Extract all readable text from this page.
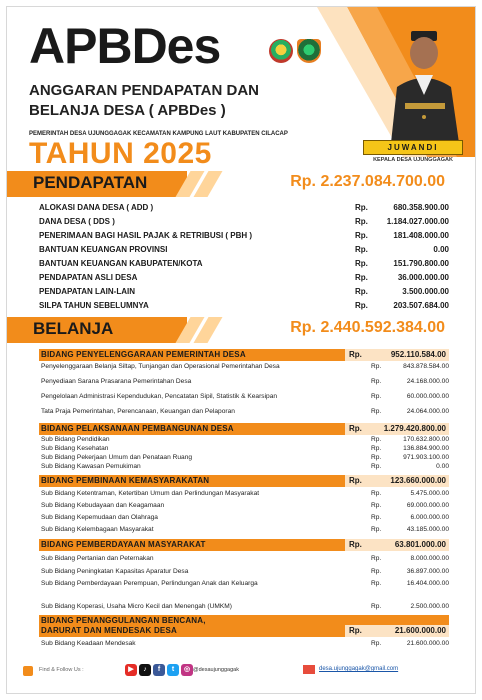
APBDes
ANGGARAN PENDAPATAN DAN
BELANJA DESA ( APBDes )
PEMERINTAH DESA UJUNGGAGAK KECAMATAN KAMPUNG LAUT KABUPATEN CILACAP
TAHUN 2025	JUWANDI
KEPALA DESA UJUNGGAGAK
PENDAPATAN	Rp. 2.237.084.700.00
ALOKASI DANA DESA ( ADD )	Rp.	680.358.900.00
DANA DESA ( DDS )	Rp. 1.184.027.000.00
PENERIMAAN BAGI HASIL PAJAK & RETRIBUSI ( PBH )	Rp.	181.408.000.00
BANTUAN KEUANGAN PROVINSI	Rp.	0.00
BANTUAN KEUANGAN KABUPATEN/KOTA	Rp.	151.790.800.00
PENDAPATAN ASLI DESA	Rp.	36.000.000.00
PENDAPATAN LAIN-LAIN	Rp.	3.500.000.00
SILPA TAHUN SEBELUMNYA	Rp.	203.507.684.00
BELANJA	Rp. 2.440.592.384.00
BIDANG PENYELENGGARAAN PEMERINTAH DESA	Rp.	952.110.584.00
Penyelenggaraan Belanja Siltap, Tunjangan dan Operasional Pemerintahan Desa	Rp.	843.878.584.00
Penyediaan Sarana Prasarana Pemerintahan Desa	Rp.	24.168.000.00
Pengelolaan Administrasi Kependudukan, Pencatatan Sipil, Statistik & Kearsipan	Rp.	60.000.000.00
Tata Praja Pemerintahan, Perencanaan, Keuangan dan Pelaporan	Rp.	24.064.000.00
BIDANG PELAKSANAAN PEMBANGUNAN DESA	Rp.	1.279.420.800.00
Sub Bidang Pendidikan	Rp.	170.632.800.00
Sub Bidang Kesehatan	Rp.	136.884.900.00
Sub Bidang Pekerjaan Umum dan Penataan Ruang	Rp.	971.903.100.00
Sub Bidang Kawasan Pemukiman	Rp.	0.00
BIDANG PEMBINAAN KEMASYARAKATAN	Rp.	123.660.000.00
Sub Bidang Ketentraman, Ketertiban Umum dan Perlindungan Masyarakat	Rp.	5.475.000.00
Sub Bidang Kebudayaan dan Keagamaan	Rp.	69.000.000.00
Sub Bidang Kepemudaan dan Olahraga	Rp.	6.000.000.00
Sub Bidang Kelembagaan Masyarakat	Rp.	43.185.000.00
BIDANG PEMBERDAYAAN MASYARAKAT	Rp.	63.801.000.00
Sub Bidang Pertanian dan Peternakan	Rp.	8.000.000.00
Sub Bidang Peningkatan Kapasitas Aparatur Desa	Rp.	36.897.000.00
Sub Bidang Pemberdayaan Perempuan, Perlindungan Anak dan Keluarga	Rp.	16.404.000.00
Sub Bidang Koperasi, Usaha Micro Kecil dan Menengah (UMKM)	Rp.	2.500.000.00
BIDANG PENANGGULANGAN BENCANA,
DARURAT DAN MENDESAK DESA	Rp.	21.600.000.00
Sub Bidang Keadaan Mendesak	Rp.	21.600.000.00
Find & Follow Us :	▶	♪	f	t	◎ @desaujunggagak	desa.ujunggagak@gmail.com
